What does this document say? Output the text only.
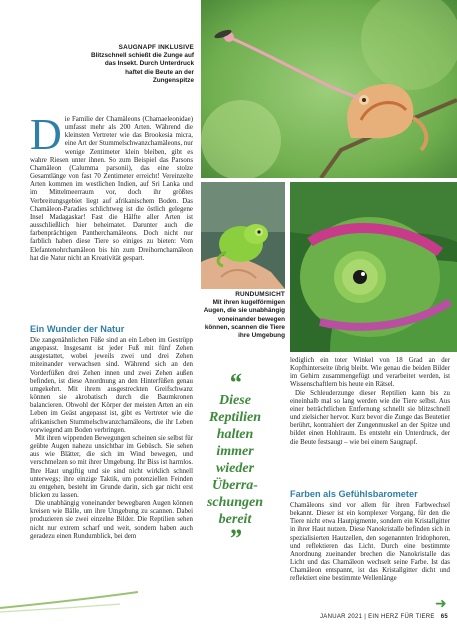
SAUGNAPF INKLUSIVE
Blitzschnell schießt die Zunge auf das Insekt. Durch Unterdruck haftet die Beute an der Zungenspitze
Die Familie der Chamäleons (Chamaeleonidae) umfasst mehr als 200 Arten. Während die kleinsten Vertreter wie das Brookesia micra, eine Art der Stummelschwanzchamäleons, nur wenige Zentimeter klein bleiben, gibt es wahre Riesen unter ihnen. So zum Beispiel das Parsons Chamäleon (Calumma parsonii), das eine stolze Gesamtlänge von fast 70 Zentimeter erreicht! Vereinzelte Arten kommen im westlichen Indien, auf Sri Lanka und im Mittelmeerraum vor, doch ihr größtes Verbreitungsgebiet liegt auf afrikanischem Boden. Das Chamäleon-Paradies schlichtweg ist die östlich gelegene Insel Madagaskar! Fast die Hälfte aller Arten ist ausschließlich hier beheimatet. Darunter auch die farbenprächtigen Pantherchamäleons. Doch nicht nur farblich haben diese Tiere so einiges zu bieten: Vom Elefantenohrchamäleon bis hin zum Dreihornchamäleon hat die Natur nicht an Kreativität gespart.
RUNDUMSICHT
Mit ihren kugelförmigen Augen, die sie unabhängig voneinander bewegen können, scannen die Tiere ihre Umgebung
Ein Wunder der Natur

Die zangenähnlichen Füße sind an ein Leben im Gestrüpp angepasst. Insgesamt ist jeder Fuß mit fünf Zehen ausgestattet, wobei jeweils zwei und drei Zehen miteinander verwachsen sind. Während sich an den Vorderfüßen drei Zehen innen und zwei Zehen außen befinden, ist diese Anordnung an den Hinterfüßen genau umgekehrt. Mit ihrem ausgestreckten Greifschwanz können sie akrobatisch durch die Baumkronen balancieren. Obwohl der Körper der meisten Arten an ein Leben im Geäst angepasst ist, gibt es Vertreter wie die afrikanischen Stummelschwanzchamäleons, die ihr Leben vorwiegend am Boden verbringen.

Mit ihren wippenden Bewegungen scheinen sie selbst für geübte Augen nahezu unsichtbar im Gebüsch. Sie sehen aus wie Blätter, die sich im Wind bewegen, und verschmelzen so mit ihrer Umgebung. Ihr Biss ist harmlos. Ihre Haut ungiftig und sie sind nicht wirklich schnell unterwegs; ihre einzige Taktik, um potenziellen Feinden zu entgehen, besteht im Grunde darin, sich gar nicht erst blicken zu lassen.

Die unabhängig voneinander bewegbaren Augen können kreisen wie Bälle, um ihre Umgebung zu scannen. Dabei produzieren sie zwei einzelne Bilder. Die Reptilien sehen nicht nur extrem scharf und weit, sondern haben auch geradezu einen Rundumblick, bei dem

“
Diese
Reptilien
halten
immer
wieder
Überra-
schungen
bereit
”

lediglich ein toter Winkel von 18 Grad an der Kopfhinterseite übrig bleibt. Wie genau die beiden Bilder im Gehirn zusammengefügt und verarbeitet werden, ist Wissenschaftlern bis heute ein Rätsel.

Die Schleuderzunge dieser Reptilien kann bis zu eineinhalb mal so lang werden wie die Tiere selbst. Aus einer beträchtlichen Entfernung schnellt sie blitzschnell und zielsicher hervor. Kurz bevor die Zunge das Beutetier berührt, kontrahiert der Zungenmuskel an der Spitze und bildet einen Hohlraum. Es entsteht ein Unterdruck, der die Beute festsaugt – wie bei einem Saugnapf.

Farben als Gefühlsbarometer

Chamäleons sind vor allem für ihren Farbwechsel bekannt. Dieser ist ein komplexer Vorgang, für den die Tiere nicht etwa Hautpigmente, sondern ein Kristallgitter in ihrer Haut nutzen. Diese Nanokristalle befinden sich in spezialisierten Hautzellen, den sogenannten Iridophoren, und reflektieren das Licht. Durch eine bestimmte Anordnung zueinander brechen die Nanokristalle das Licht und das Chamäleon wechselt seine Farbe. Ist das Chamäleon entspannt, ist das Kristallgitter dicht und reflektiert eine bestimmte Wellenlänge

➜
JANUAR 2021 | EIN HERZ FÜR TIERE 65
